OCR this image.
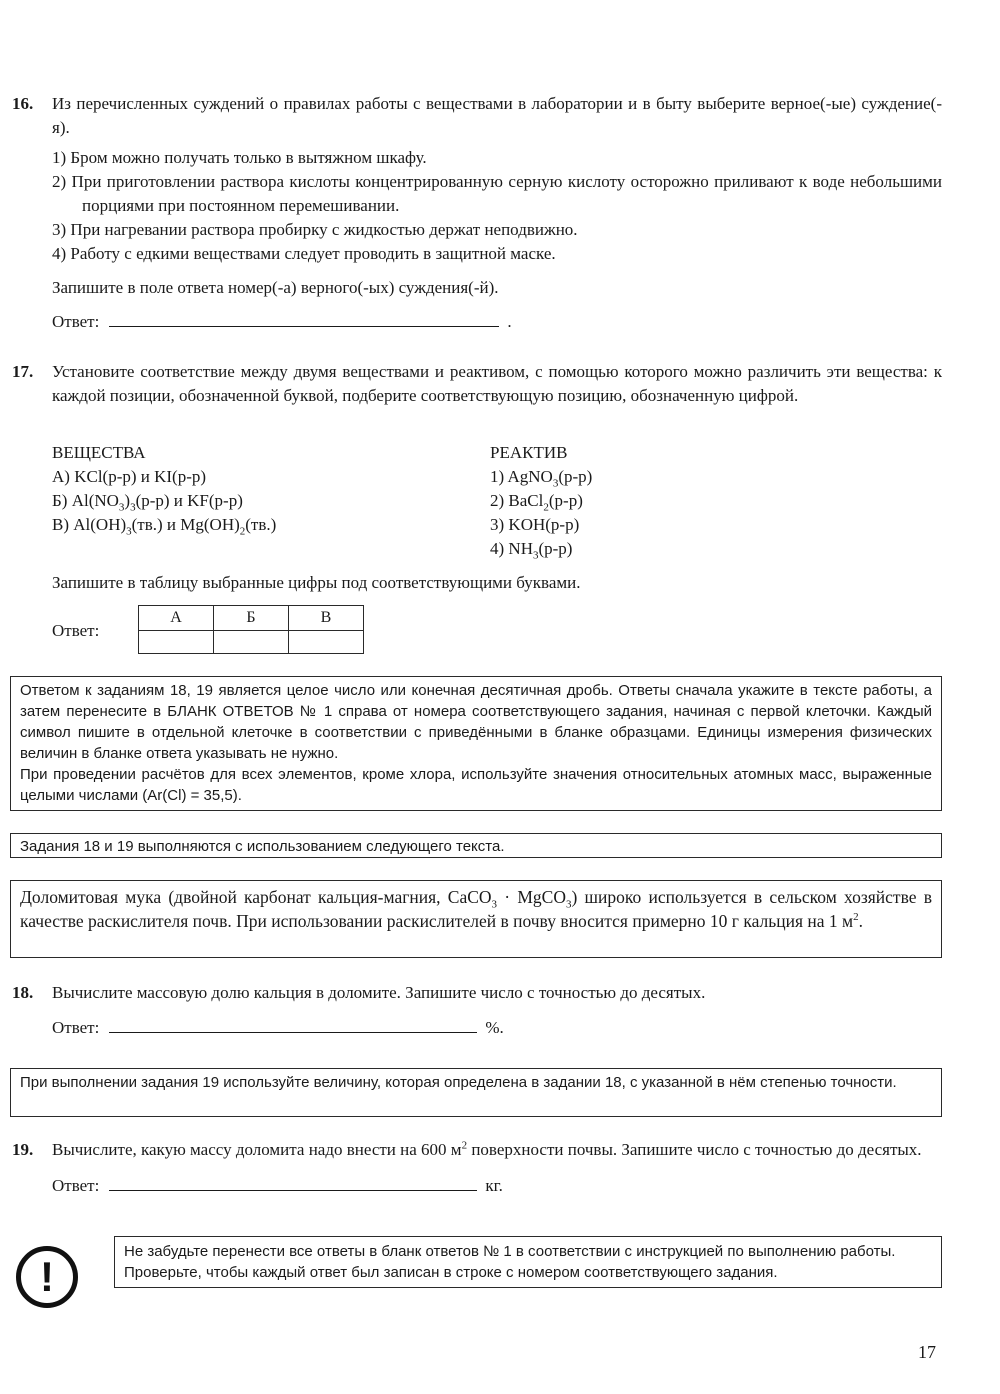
16.	Из перечисленных суждений о правилах работы с веществами в лаборатории и в быту выберите верное(-ые) суждение(-я).
1) Бром можно получать только в вытяжном шкафу.
2) При приготовлении раствора кислоты концентрированную серную кислоту осторожно приливают к воде небольшими порциями при постоянном перемешивании.
3) При нагревании раствора пробирку с жидкостью держат неподвижно.
4) Работу с едкими веществами следует проводить в защитной маске.
Запишите в поле ответа номер(-а) верного(-ых) суждения(-й).
Ответ:	.
17.	Установите соответствие между двумя веществами и реактивом, с помощью которого можно различить эти вещества: к каждой позиции, обозначенной буквой, подберите соответствующую позицию, обозначенную цифрой.
ВЕЩЕСТВА
А) KCl(р-р) и KI(р-р)
Б) $Al(NO_3)_3(р-р)$ и KF(р-р)
В) $Al(OH)_3(тв.)$ и $Mg(OH)_2(тв.)$
РЕАКТИВ
1) AgNO$_3$(р-р)
2) BaCl$_2$(р-р)
3) KOH(р-р)
4) $NH_3(р-р)$
Запишите в таблицу выбранные цифры под соответствующими буквами.
Ответ:
А	Б	В

Ответом к заданиям 18, 19 является целое число или конечная десятичная дробь. Ответы сначала укажите в тексте работы, а затем перенесите в БЛАНК ОТВЕТОВ № 1 справа от номера соответствующего задания, начиная с первой клеточки. Каждый символ пишите в отдельной клеточке в соответствии с приведёнными в бланке образцами. Единицы измерения физических величин в бланке ответа указывать не нужно.
При проведении расчётов для всех элементов, кроме хлора, используйте значения относительных атомных масс, выраженные целыми числами (Ar(Cl) = 35,5).
Задания 18 и 19 выполняются с использованием следующего текста.
Доломитовая мука (двойной карбонат кальция-магния, CaCO$_3$ · MgCO$_3$) широко используется в сельском хозяйстве в качестве раскислителя почв. При использовании раскислителей в почву вносится примерно 10 г кальция на 1 $м^2$.
18.	Вычислите массовую долю кальция в доломите. Запишите число с точностью до десятых.
Ответ:	%.
При выполнении задания 19 используйте величину, которая определена в задании 18, с указанной в нём степенью точности.
19.	Вычислите, какую массу доломита надо внести на 600 $м^2$ поверхности почвы. Запишите число с точностью до десятых.
Ответ:	кг.
!
Не забудьте перенести все ответы в бланк ответов № 1 в соответствии с инструкцией по выполнению работы.
Проверьте, чтобы каждый ответ был записан в строке с номером соответствующего задания.
17
